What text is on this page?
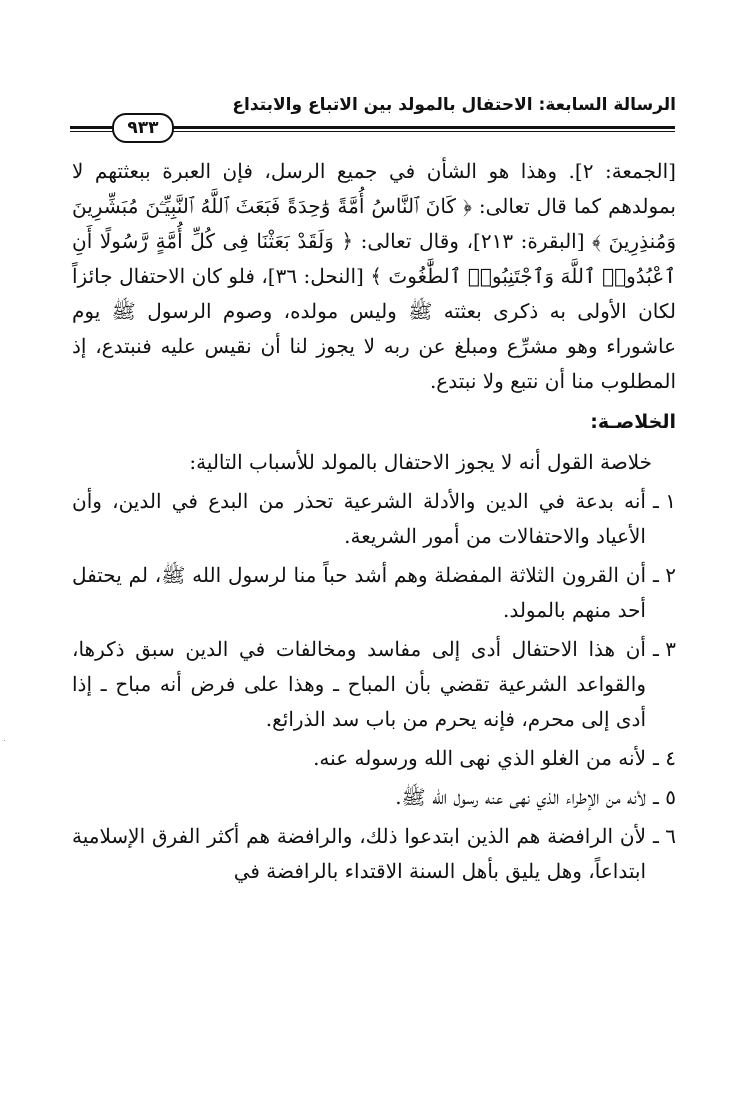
الرسالة السابعة: الاحتفال بالمولد بين الاتباع والابتداع
٩٣٣

[الجمعة: ٢]. وهذا هو الشأن في جميع الرسل، فإن العبرة ببعثتهم لا بمولدهم كما قال تعالى: ﴿ كَانَ ٱلنَّاسُ أُمَّةً وَٰحِدَةً فَبَعَثَ ٱللَّهُ ٱلنَّبِيِّـۧنَ مُبَشِّرِينَ وَمُنذِرِينَ ﴾ [البقرة: ٢١٣]، وقال تعالى: ﴿ وَلَقَدْ بَعَثْنَا فِى كُلِّ أُمَّةٍ رَّسُولًا أَنِ ٱعْبُدُوا۟ ٱللَّهَ وَٱجْتَنِبُوا۟ ٱلطَّٰغُوتَ ﴾ [النحل: ٣٦]، فلو كان الاحتفال جائزاً لكان الأولى به ذكرى بعثته ﷺ وليس مولده، وصوم الرسول ﷺ يوم عاشوراء وهو مشرِّع ومبلغ عن ربه لا يجوز لنا أن نقيس عليه فنبتدع، إذ المطلوب منا أن نتبع ولا نبتدع.

الخلاصـة:

خلاصة القول أنه لا يجوز الاحتفال بالمولد للأسباب التالية:

١ ـ
أنه بدعة في الدين والأدلة الشرعية تحذر من البدع في الدين، وأن الأعياد والاحتفالات من أمور الشريعة.

٢ ـ
أن القرون الثلاثة المفضلة وهم أشد حباً منا لرسول الله ﷺ، لم يحتفل أحد منهم بالمولد.

٣ ـ
أن هذا الاحتفال أدى إلى مفاسد ومخالفات في الدين سبق ذكرها، والقواعد الشرعية تقضي بأن المباح ـ وهذا على فرض أنه مباح ـ إذا أدى إلى محرم، فإنه يحرم من باب سد الذرائع.

٤ ـ
لأنه من الغلو الذي نهى الله ورسوله عنه.

٥ ـ
لأنه من الإطراء الذي نهى عنه رسول الله ﷺ.

٦ ـ
لأن الرافضة هم الذين ابتدعوا ذلك، والرافضة هم أكثر الفرق الإسلامية ابتداعاً، وهل يليق بأهل السنة الاقتداء بالرافضة في
